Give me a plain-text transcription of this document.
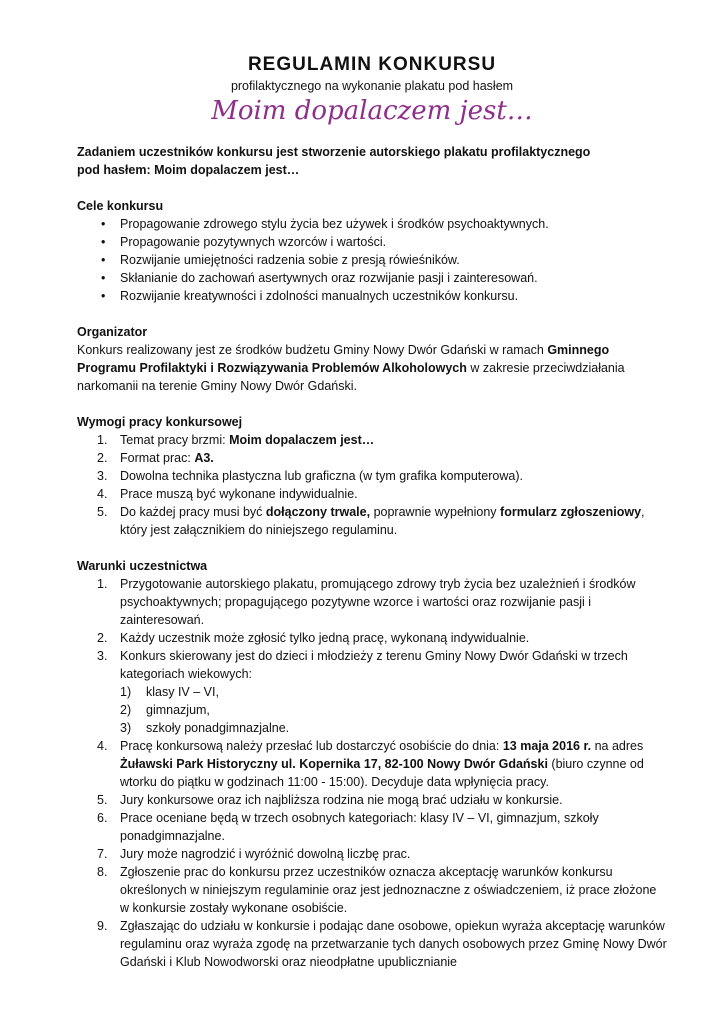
REGULAMIN KONKURSU
profilaktycznego na wykonanie plakatu pod hasłem
Moim dopalaczem jest…
Zadaniem uczestników konkursu jest stworzenie autorskiego plakatu profilaktycznego
pod hasłem: Moim dopalaczem jest…
Cele konkursu
• Propagowanie zdrowego stylu życia bez używek i środków psychoaktywnych.
• Propagowanie pozytywnych wzorców i wartości.
• Rozwijanie umiejętności radzenia sobie z presją rówieśników.
• Skłanianie do zachowań asertywnych oraz rozwijanie pasji i zainteresowań.
• Rozwijanie kreatywności i zdolności manualnych uczestników konkursu.
Organizator
Konkurs realizowany jest ze środków budżetu Gminy Nowy Dwór Gdański w ramach Gminnego Programu Profilaktyki i Rozwiązywania Problemów Alkoholowych w zakresie przeciwdziałania narkomanii na terenie Gminy Nowy Dwór Gdański.
Wymogi pracy konkursowej
1. Temat pracy brzmi: Moim dopalaczem jest…
2. Format prac: A3.
3. Dowolna technika plastyczna lub graficzna (w tym grafika komputerowa).
4. Prace muszą być wykonane indywidualnie.
5. Do każdej pracy musi być dołączony trwale, poprawnie wypełniony formularz zgłoszeniowy, który jest załącznikiem do niniejszego regulaminu.
Warunki uczestnictwa
1. Przygotowanie autorskiego plakatu, promującego zdrowy tryb życia bez uzależnień i środków psychoaktywnych; propagującego pozytywne wzorce i wartości oraz rozwijanie pasji i zainteresowań.
2. Każdy uczestnik może zgłosić tylko jedną pracę, wykonaną indywidualnie.
3. Konkurs skierowany jest do dzieci i młodzieży z terenu Gminy Nowy Dwór Gdański w trzech kategoriach wiekowych:
1) klasy IV – VI,
2) gimnazjum,
3) szkoły ponadgimnazjalne.
4. Pracę konkursową należy przesłać lub dostarczyć osobiście do dnia: 13 maja 2016 r. na adres Żuławski Park Historyczny ul. Kopernika 17, 82-100 Nowy Dwór Gdański (biuro czynne od wtorku do piątku w godzinach 11:00 - 15:00). Decyduje data wpłynięcia pracy.
5. Jury konkursowe oraz ich najbliższa rodzina nie mogą brać udziału w konkursie.
6. Prace oceniane będą w trzech osobnych kategoriach: klasy IV – VI, gimnazjum, szkoły ponadgimnazjalne.
7. Jury może nagrodzić i wyróżnić dowolną liczbę prac.
8. Zgłoszenie prac do konkursu przez uczestników oznacza akceptację warunków konkursu określonych w niniejszym regulaminie oraz jest jednoznaczne z oświadczeniem, iż prace złożone w konkursie zostały wykonane osobiście.
9. Zgłaszając do udziału w konkursie i podając dane osobowe, opiekun wyraża akceptację warunków regulaminu oraz wyraża zgodę na przetwarzanie tych danych osobowych przez Gminę Nowy Dwór Gdański i Klub Nowodworski oraz nieodpłatne upublicznianie
